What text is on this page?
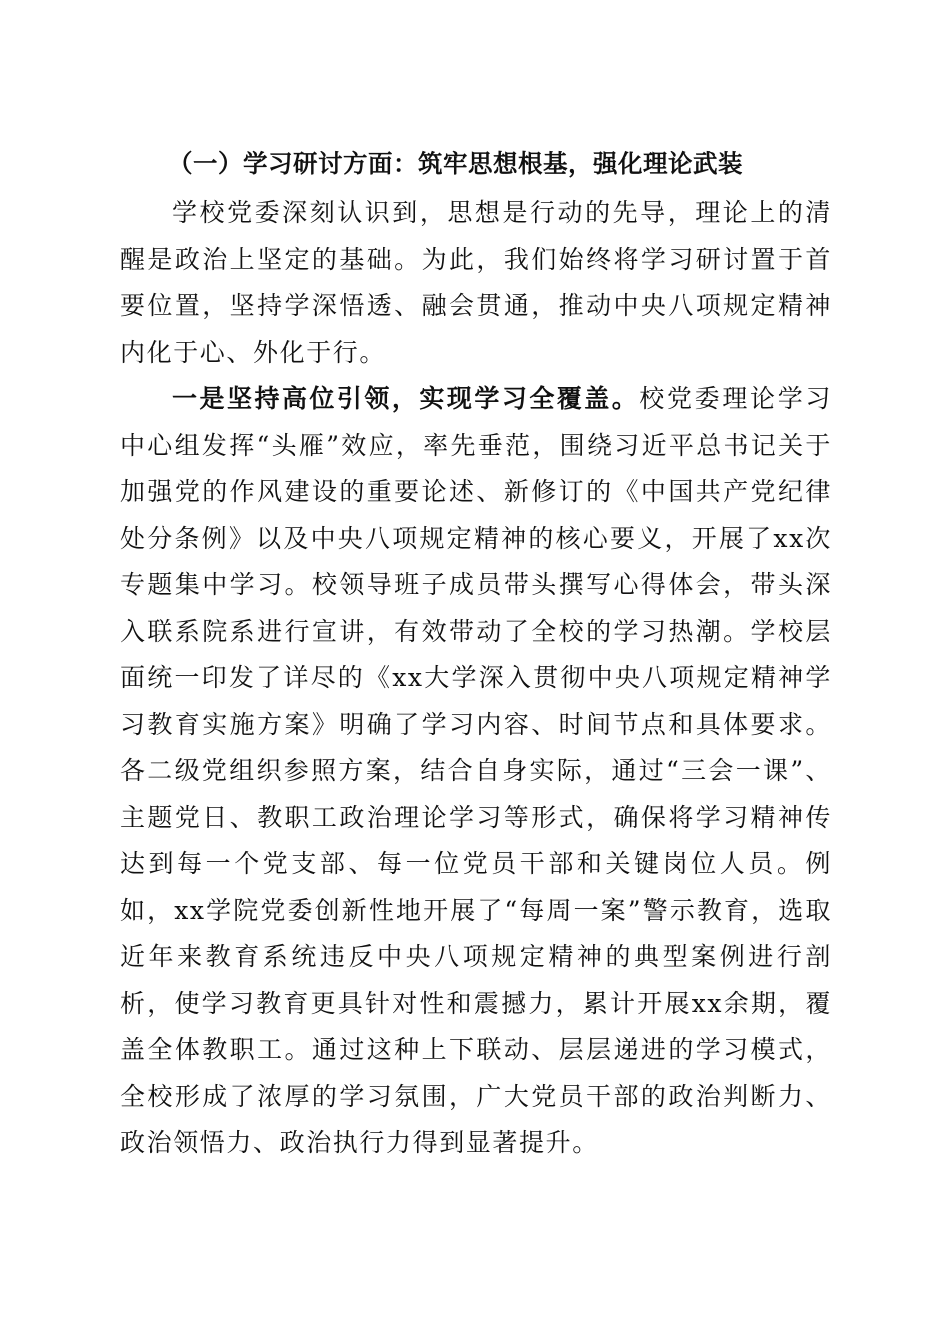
（一）学习研讨方面：筑牢思想根基，强化理论武装

学校党委深刻认识到，思想是行动的先导，理论上的清醒是政治上坚定的基础。为此，我们始终将学习研讨置于首要位置，坚持学深悟透、融会贯通，推动中央八项规定精神内化于心、外化于行。

一是坚持高位引领，实现学习全覆盖。校党委理论学习中心组发挥“头雁”效应，率先垂范，围绕习近平总书记关于加强党的作风建设的重要论述、新修订的《中国共产党纪律处分条例》以及中央八项规定精神的核心要义，开展了xx次专题集中学习。校领导班子成员带头撰写心得体会，带头深入联系院系进行宣讲，有效带动了全校的学习热潮。学校层面统一印发了详尽的《xx大学深入贯彻中央八项规定精神学习教育实施方案》明确了学习内容、时间节点和具体要求。各二级党组织参照方案，结合自身实际，通过“三会一课”、主题党日、教职工政治理论学习等形式，确保将学习精神传达到每一个党支部、每一位党员干部和关键岗位人员。例如，xx学院党委创新性地开展了“每周一案”警示教育，选取近年来教育系统违反中央八项规定精神的典型案例进行剖析，使学习教育更具针对性和震撼力，累计开展xx余期，覆盖全体教职工。通过这种上下联动、层层递进的学习模式，全校形成了浓厚的学习氛围，广大党员干部的政治判断力、政治领悟力、政治执行力得到显著提升。
